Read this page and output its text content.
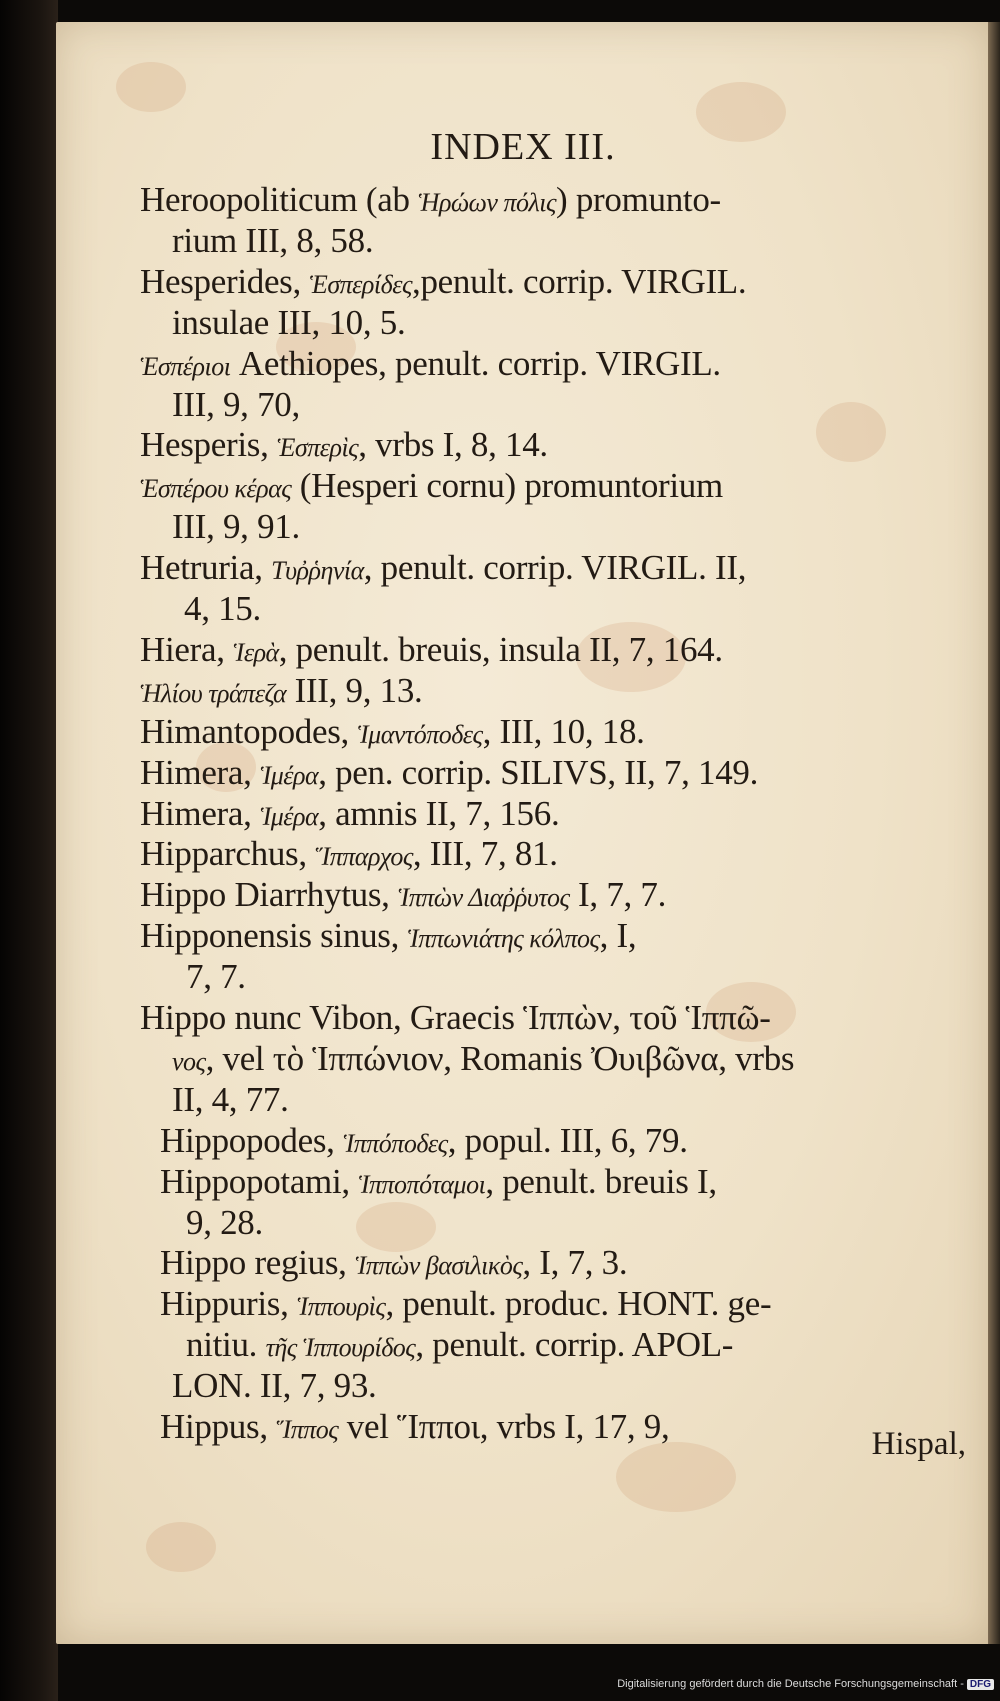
INDEX III.
Heroopoliticum (ab Ἡρώων πόλις) promunto-
rium III, 8, 58.
Hesperides, Ἑσπερίδες,penult. corrip. VIRGIL.
insulae III, 10, 5.
Ἑσπέριοι Aethiopes, penult. corrip. VIRGIL.
III, 9, 70,
Hesperis, Ἑσπερὶς, vrbs I, 8, 14.
Ἑσπέρου κέρας (Hesperi cornu) promuntorium
III, 9, 91.
Hetruria, Τυῤῥηνία, penult. corrip. VIRGIL. II,
4, 15.
Hiera, Ἱερὰ, penult. breuis, insula II, 7, 164.
Ἡλίου τράπεζα III, 9, 13.
Himantopodes, Ἱμαντόποδες, III, 10, 18.
Himera, Ἱμέρα, pen. corrip. SILIVS, II, 7, 149.
Himera, Ἱμέρα, amnis II, 7, 156.
Hipparchus, Ἵππαρχος, III, 7, 81.
Hippo Diarrhytus, Ἱππὼν Διαῤῥυτος I, 7, 7.
Hipponensis sinus, Ἱππωνιάτης κόλπος, I,
7, 7.
Hippo nunc Vibon, Graecis Ἱππὼν, τοῦ Ἱππῶ-
νος, vel τὸ Ἱππώνιον, Romanis Ὀυιβῶνα, vrbs
II, 4, 77.
Hippopodes, Ἱππόποδες, popul. III, 6, 79.
Hippopotami, Ἱπποπόταμοι, penult. breuis I,
9, 28.
Hippo regius, Ἱππὼν βασιλικὸς, I, 7, 3.
Hippuris, Ἱππουρὶς, penult. produc. HONT. ge-
nitiu. τῆς Ἱππουρίδος, penult. corrip. APOL-
LON. II, 7, 93.
Hippus, Ἵππος vel Ἵπποι, vrbs I, 17, 9,	Hispal,
Digitalisierung gefördert durch die Deutsche Forschungsgemeinschaft - DFG
